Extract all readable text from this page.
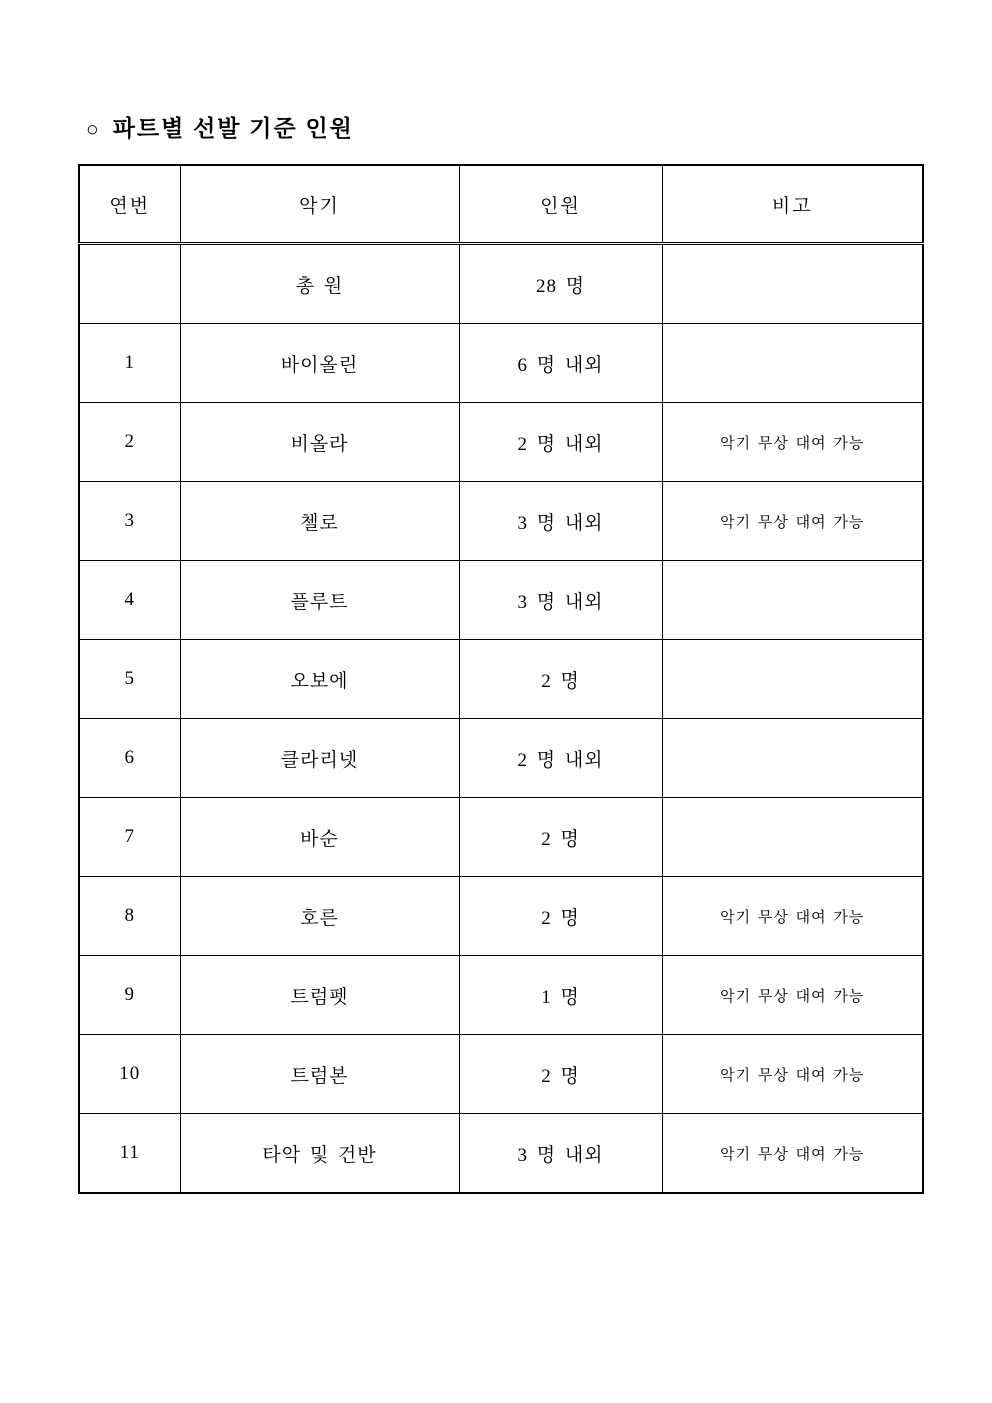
○ 파트별 선발 기준 인원
연번	악기	인원	비고
	총 원	28 명	
1	바이올린	6 명 내외	
2	비올라	2 명 내외	악기 무상 대여 가능
3	첼로	3 명 내외	악기 무상 대여 가능
4	플루트	3 명 내외	
5	오보에	2 명	
6	클라리넷	2 명 내외	
7	바순	2 명	
8	호른	2 명	악기 무상 대여 가능
9	트럼펫	1 명	악기 무상 대여 가능
10	트럼본	2 명	악기 무상 대여 가능
11	타악 및 건반	3 명 내외	악기 무상 대여 가능
